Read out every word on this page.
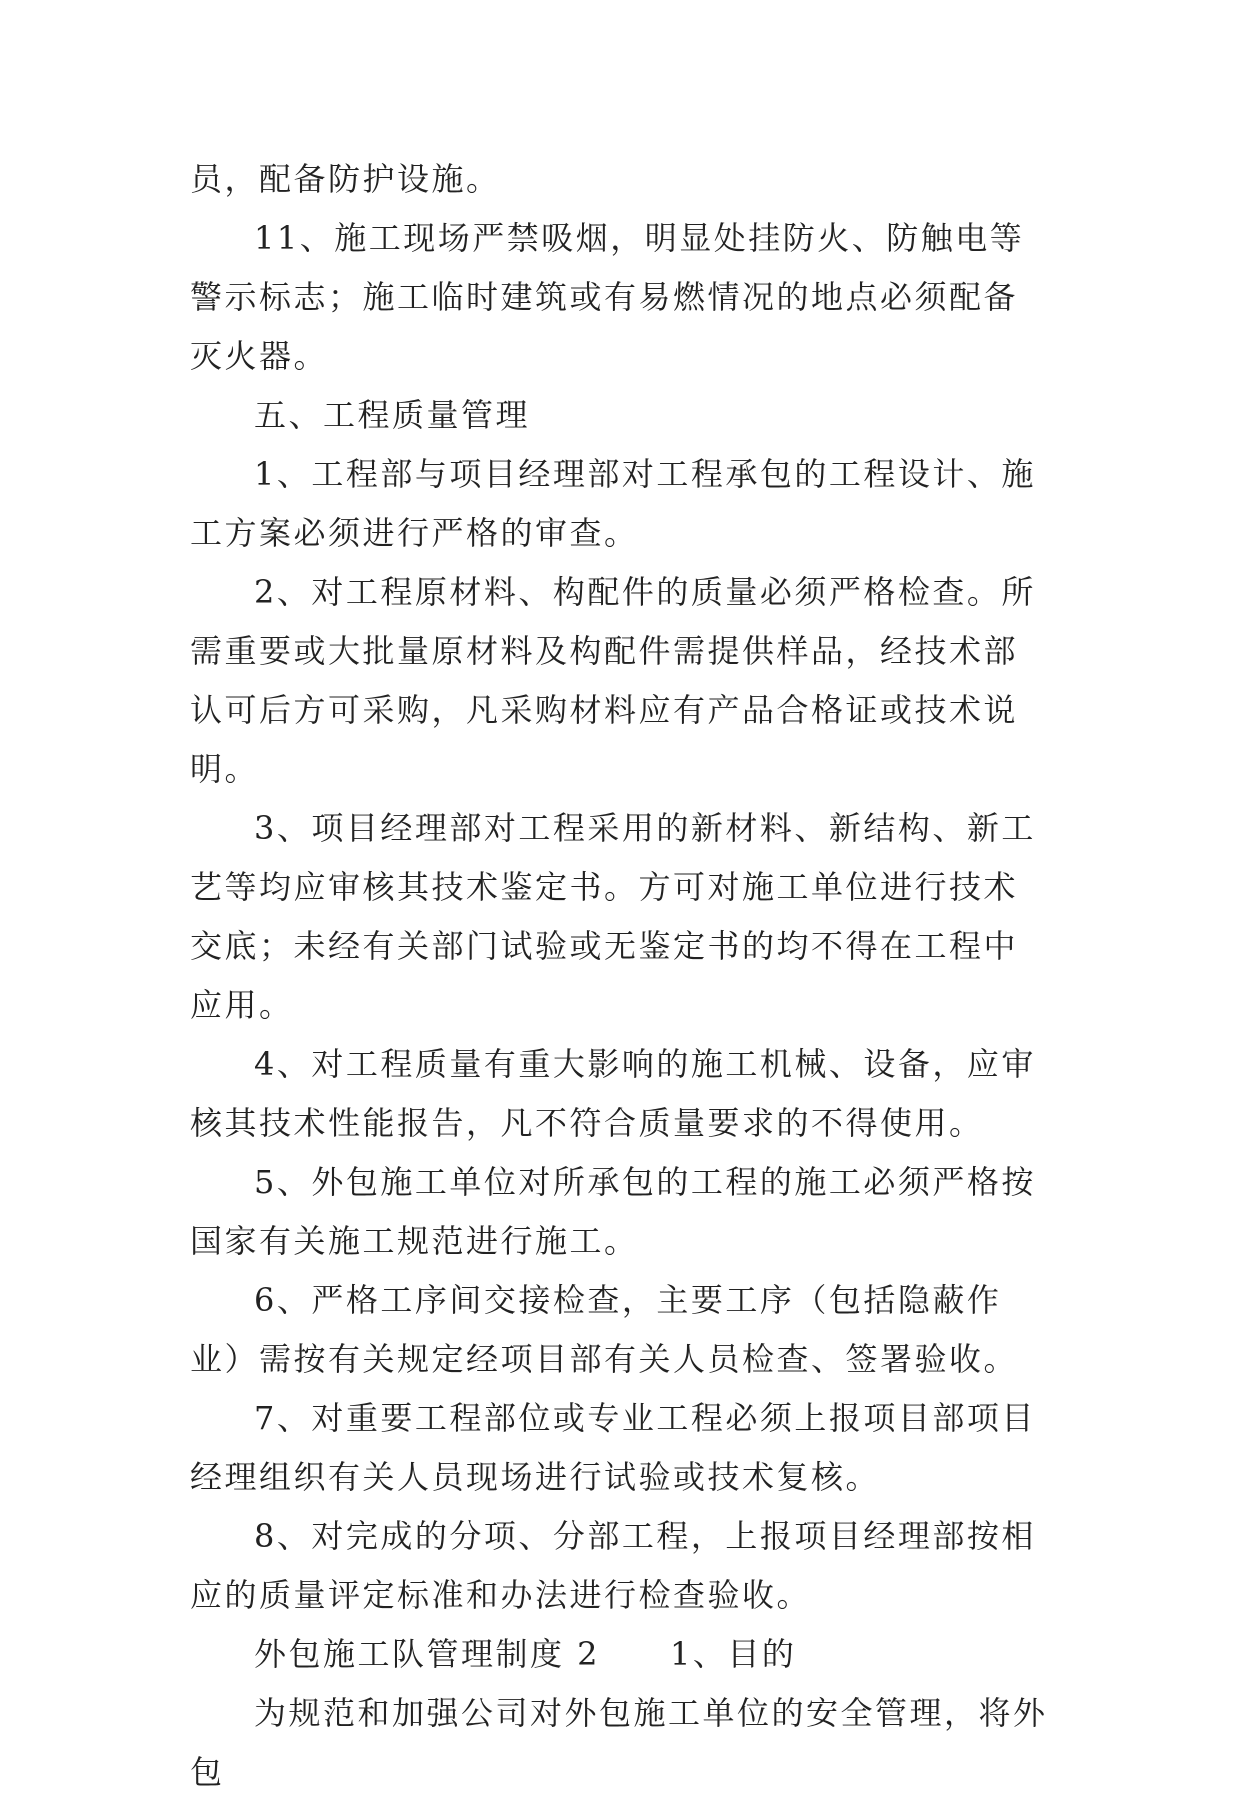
员，配备防护设施。

11、施工现场严禁吸烟，明显处挂防火、防触电等警示标志；施工临时建筑或有易燃情况的地点必须配备灭火器。

五、工程质量管理

1、工程部与项目经理部对工程承包的工程设计、施工方案必须进行严格的审查。

2、对工程原材料、构配件的质量必须严格检查。所需重要或大批量原材料及构配件需提供样品，经技术部认可后方可采购，凡采购材料应有产品合格证或技术说明。

3、项目经理部对工程采用的新材料、新结构、新工艺等均应审核其技术鉴定书。方可对施工单位进行技术交底；未经有关部门试验或无鉴定书的均不得在工程中应用。

4、对工程质量有重大影响的施工机械、设备，应审核其技术性能报告，凡不符合质量要求的不得使用。

5、外包施工单位对所承包的工程的施工必须严格按国家有关施工规范进行施工。

6、严格工序间交接检查，主要工序（包括隐蔽作业）需按有关规定经项目部有关人员检查、签署验收。

7、对重要工程部位或专业工程必须上报项目部项目经理组织有关人员现场进行试验或技术复核。

8、对完成的分项、分部工程，上报项目经理部按相应的质量评定标准和办法进行检查验收。

外包施工队管理制度 2 1、目的

为规范和加强公司对外包施工单位的安全管理，将外包
